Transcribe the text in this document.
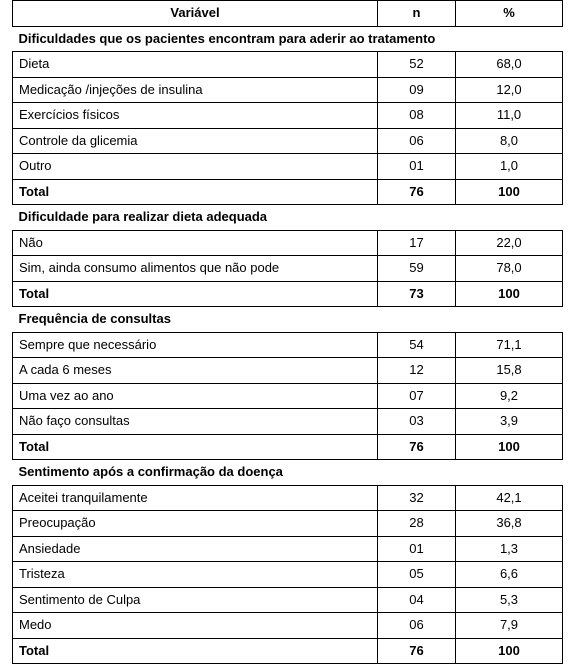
Variável	n	%
Dificuldades que os pacientes encontram para aderir ao tratamento		
Dieta	52	68,0
Medicação /injeções de insulina	09	12,0
Exercícios físicos	08	11,0
Controle da glicemia	06	8,0
Outro	01	1,0
Total	76	100
Dificuldade para realizar dieta adequada		
Não	17	22,0
Sim, ainda consumo alimentos que não pode	59	78,0
Total	73	100
Frequência de consultas		
Sempre que necessário	54	71,1
A cada 6 meses	12	15,8
Uma vez ao ano	07	9,2
Não faço consultas	03	3,9
Total	76	100
Sentimento após a confirmação da doença		
Aceitei tranquilamente	32	42,1
Preocupação	28	36,8
Ansiedade	01	1,3
Tristeza	05	6,6
Sentimento de Culpa	04	5,3
Medo	06	7,9
Total	76	100
